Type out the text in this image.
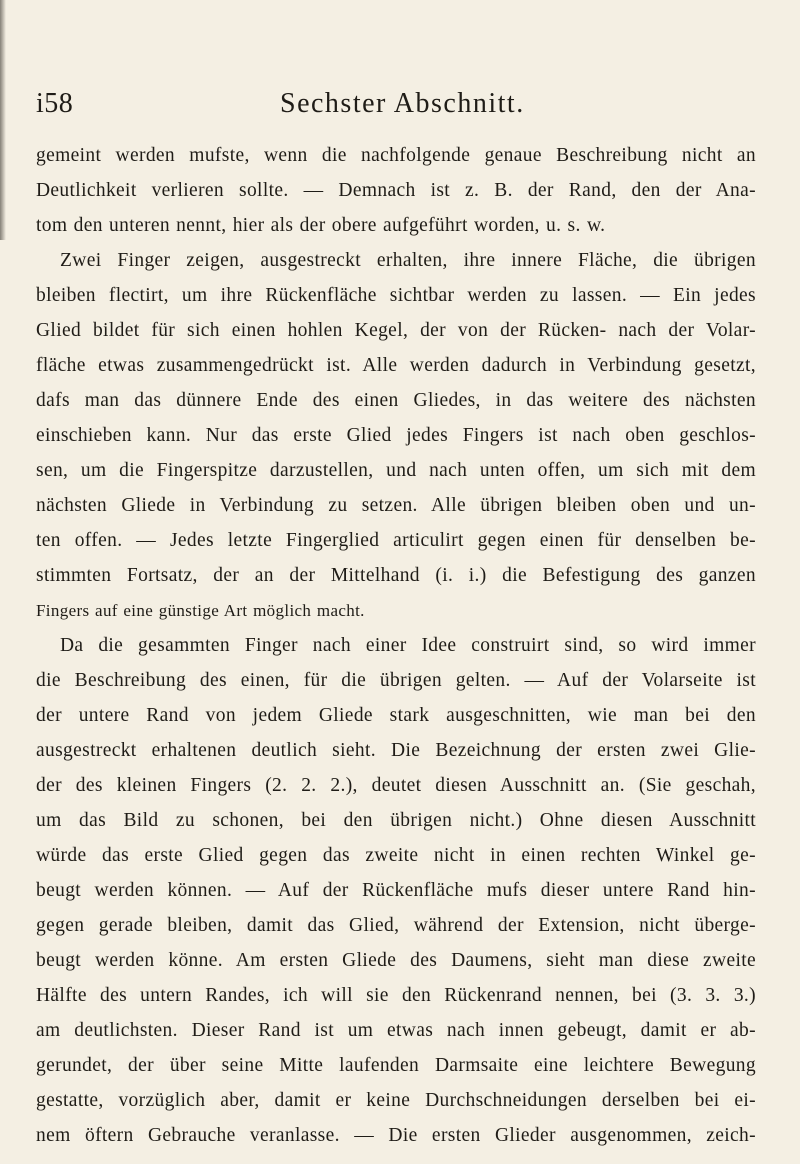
i58	Sechster Abschnitt.
gemeint werden mufste, wenn die nachfolgende genaue Beschreibung nicht an
Deutlichkeit verlieren sollte. — Demnach ist z. B. der Rand, den der Ana-
tom den unteren nennt, hier als der obere aufgeführt worden, u. s. w.
Zwei Finger zeigen, ausgestreckt erhalten, ihre innere Fläche, die übrigen
bleiben flectirt, um ihre Rückenfläche sichtbar werden zu lassen. — Ein jedes
Glied bildet für sich einen hohlen Kegel, der von der Rücken- nach der Volar-
fläche etwas zusammengedrückt ist. Alle werden dadurch in Verbindung gesetzt,
dafs man das dünnere Ende des einen Gliedes, in das weitere des nächsten
einschieben kann. Nur das erste Glied jedes Fingers ist nach oben geschlos-
sen, um die Fingerspitze darzustellen, und nach unten offen, um sich mit dem
nächsten Gliede in Verbindung zu setzen. Alle übrigen bleiben oben und un-
ten offen. — Jedes letzte Fingerglied articulirt gegen einen für denselben be-
stimmten Fortsatz, der an der Mittelhand (i. i.) die Befestigung des ganzen
Fingers auf eine günstige Art möglich macht.
Da die gesammten Finger nach einer Idee construirt sind, so wird immer
die Beschreibung des einen, für die übrigen gelten. — Auf der Volarseite ist
der untere Rand von jedem Gliede stark ausgeschnitten, wie man bei den
ausgestreckt erhaltenen deutlich sieht. Die Bezeichnung der ersten zwei Glie-
der des kleinen Fingers (2. 2. 2.), deutet diesen Ausschnitt an. (Sie geschah,
um das Bild zu schonen, bei den übrigen nicht.) Ohne diesen Ausschnitt
würde das erste Glied gegen das zweite nicht in einen rechten Winkel ge-
beugt werden können. — Auf der Rückenfläche mufs dieser untere Rand hin-
gegen gerade bleiben, damit das Glied, während der Extension, nicht überge-
beugt werden könne. Am ersten Gliede des Daumens, sieht man diese zweite
Hälfte des untern Randes, ich will sie den Rückenrand nennen, bei (3. 3. 3.)
am deutlichsten. Dieser Rand ist um etwas nach innen gebeugt, damit er ab-
gerundet, der über seine Mitte laufenden Darmsaite eine leichtere Bewegung
gestatte, vorzüglich aber, damit er keine Durchschneidungen derselben bei ei-
nem öftern Gebrauche veranlasse. — Die ersten Glieder ausgenommen, zeich-
